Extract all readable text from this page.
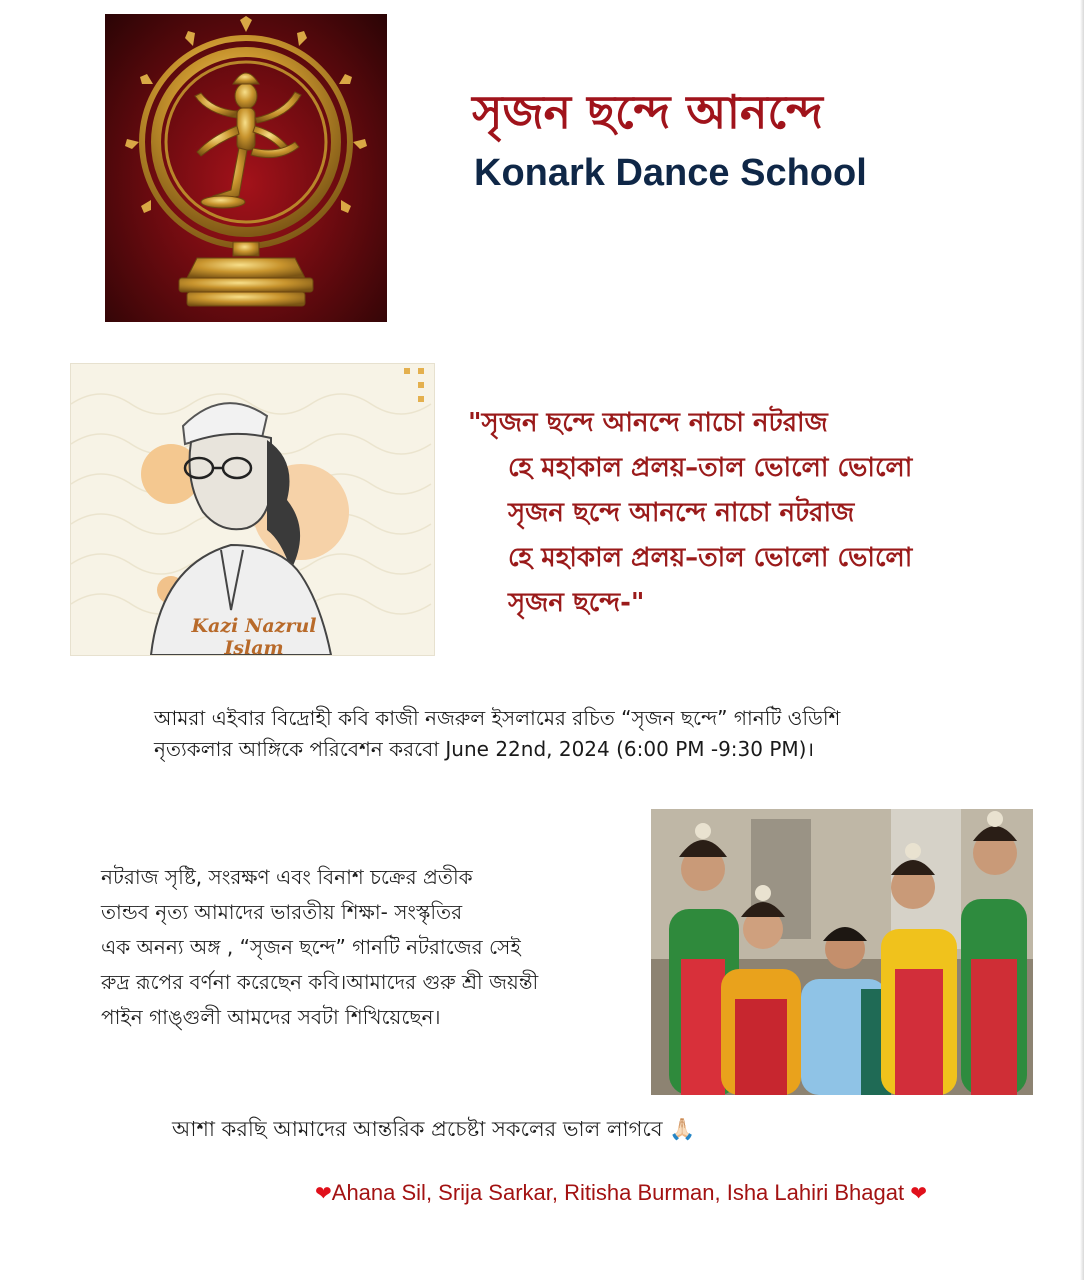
সৃজন ছন্দে আনন্দে
Konark Dance School
Kazi Nazrul Islam
"সৃজন ছন্দে আনন্দে নাচো নটরাজ
হে মহাকাল প্রলয়–তাল ভোলো ভোলো
সৃজন ছন্দে আনন্দে নাচো নটরাজ
হে মহাকাল প্রলয়–তাল ভোলো ভোলো
সৃজন ছন্দে-"
আমরা এইবার বিদ্রোহী কবি কাজী নজরুল ইসলামের রচিত “সৃজন ছন্দে” গানটি ওডিশি
নৃত্যকলার আঙ্গিকে পরিবেশন করবো June 22nd, 2024 (6:00 PM -9:30 PM)।
নটরাজ সৃষ্টি, সংরক্ষণ এবং বিনাশ চক্রের প্রতীক
তান্ডব নৃত্য আমাদের ভারতীয় শিক্ষা- সংস্কৃতির
এক অনন্য অঙ্গ , “সৃজন ছন্দে” গানটি নটরাজের সেই
রুদ্র রূপের বর্ণনা করেছেন কবি।আমাদের গুরু শ্রী জয়ন্তী
পাইন গাঙ্গুলী আমদের সবটা শিখিয়েছেন।
আশা করছি আমাদের আন্তরিক প্রচেষ্টা সকলের ভাল লাগবে 🙏🏻
❤Ahana Sil, Srija Sarkar, Ritisha Burman, Isha Lahiri Bhagat ❤
